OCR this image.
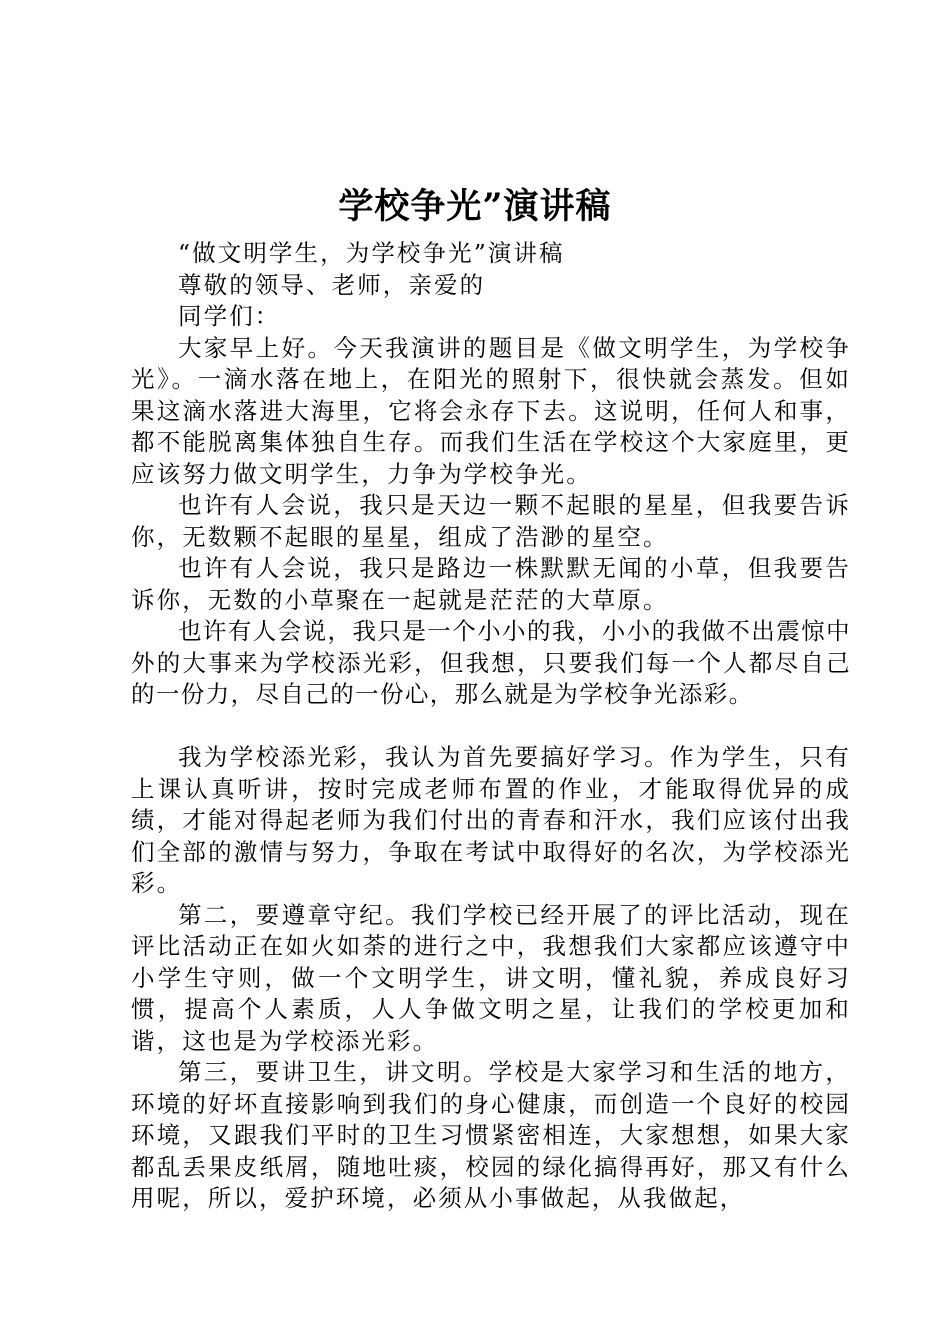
学校争光”演讲稿

“做文明学生，为学校争光”演讲稿

尊敬的领导、老师，亲爱的

同学们：

大家早上好。今天我演讲的题目是《做文明学生，为学校争光》。一滴水落在地上，在阳光的照射下，很快就会蒸发。但如果这滴水落进大海里，它将会永存下去。这说明，任何人和事，都不能脱离集体独自生存。而我们生活在学校这个大家庭里，更应该努力做文明学生，力争为学校争光。

也许有人会说，我只是天边一颗不起眼的星星，但我要告诉你，无数颗不起眼的星星，组成了浩渺的星空。

也许有人会说，我只是路边一株默默无闻的小草，但我要告诉你，无数的小草聚在一起就是茫茫的大草原。

也许有人会说，我只是一个小小的我，小小的我做不出震惊中外的大事来为学校添光彩，但我想，只要我们每一个人都尽自己的一份力，尽自己的一份心，那么就是为学校争光添彩。

我为学校添光彩，我认为首先要搞好学习。作为学生，只有上课认真听讲，按时完成老师布置的作业，才能取得优异的成绩，才能对得起老师为我们付出的青春和汗水，我们应该付出我们全部的激情与努力，争取在考试中取得好的名次，为学校添光彩。

第二，要遵章守纪。我们学校已经开展了的评比活动，现在评比活动正在如火如荼的进行之中，我想我们大家都应该遵守中小学生守则，做一个文明学生，讲文明，懂礼貌，养成良好习惯，提高个人素质，人人争做文明之星，让我们的学校更加和谐，这也是为学校添光彩。

第三，要讲卫生，讲文明。学校是大家学习和生活的地方，环境的好坏直接影响到我们的身心健康，而创造一个良好的校园环境，又跟我们平时的卫生习惯紧密相连，大家想想，如果大家都乱丢果皮纸屑，随地吐痰，校园的绿化搞得再好，那又有什么用呢，所以，爱护环境，必须从小事做起，从我做起，
